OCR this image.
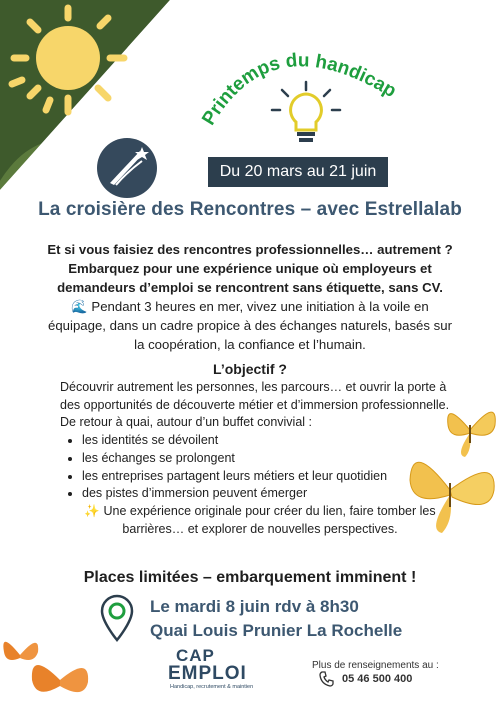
Printemps du handicap
Du 20 mars au 21 juin
La croisière des Rencontres – avec Estrellalab
Et si vous faisiez des rencontres professionnelles… autrement ?
Embarquez pour une expérience unique où employeurs et
demandeurs d’emploi se rencontrent sans étiquette, sans CV.
🌊 Pendant 3 heures en mer, vivez une initiation à la voile en
équipage, dans un cadre propice à des échanges naturels, basés sur
la coopération, la confiance et l’humain.
L’objectif ?
Découvrir autrement les personnes, les parcours… et ouvrir la porte à des opportunités de découverte métier et d’immersion professionnelle.
De retour à quai, autour d’un buffet convivial :
• les identités se dévoilent
• les échanges se prolongent
• les entreprises partagent leurs métiers et leur quotidien
• des pistes d’immersion peuvent émerger
✨ Une expérience originale pour créer du lien, faire tomber les barrières… et explorer de nouvelles perspectives.
Places limitées – embarquement imminent !
Le mardi 8 juin rdv à 8h30
Quai Louis Prunier La Rochelle
CAP
EMPLOI
Handicap, recrutement & maintien
Plus de renseignements au :
05 46 500 400
